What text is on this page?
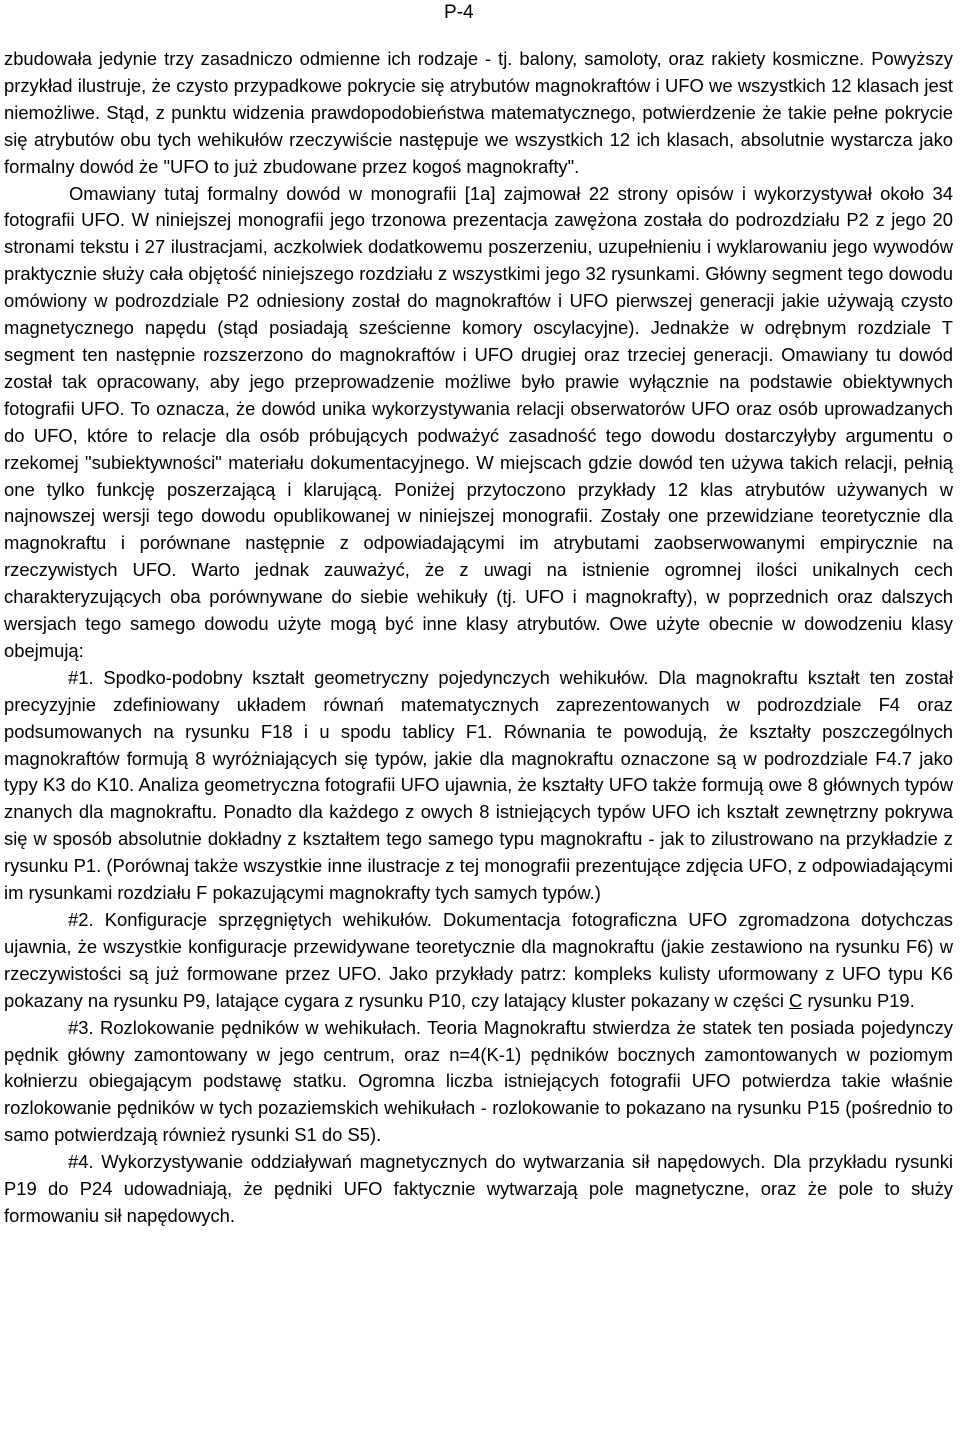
P-4

zbudowała jedynie trzy zasadniczo odmienne ich rodzaje - tj. balony, samoloty, oraz rakiety kosmiczne. Powyższy przykład ilustruje, że czysto przypadkowe pokrycie się atrybutów magnokraftów i UFO we wszystkich 12 klasach jest niemożliwe. Stąd, z punktu widzenia prawdopodobieństwa matematycznego, potwierdzenie że takie pełne pokrycie się atrybutów obu tych wehikułów rzeczywiście następuje we wszystkich 12 ich klasach, absolutnie wystarcza jako formalny dowód że "UFO to już zbudowane przez kogoś magnokrafty".

Omawiany tutaj formalny dowód w monografii [1a] zajmował 22 strony opisów i wykorzystywał około 34 fotografii UFO. W niniejszej monografii jego trzonowa prezentacja zawężona została do podrozdziału P2 z jego 20 stronami tekstu i 27 ilustracjami, aczkolwiek dodatkowemu poszerzeniu, uzupełnieniu i wyklarowaniu jego wywodów praktycznie służy cała objętość niniejszego rozdziału z wszystkimi jego 32 rysunkami. Główny segment tego dowodu omówiony w podrozdziale P2 odniesiony został do magnokraftów i UFO pierwszej generacji jakie używają czysto magnetycznego napędu (stąd posiadają sześcienne komory oscylacyjne). Jednakże w odrębnym rozdziale T segment ten następnie rozszerzono do magnokraftów i UFO drugiej oraz trzeciej generacji. Omawiany tu dowód został tak opracowany, aby jego przeprowadzenie możliwe było prawie wyłącznie na podstawie obiektywnych fotografii UFO. To oznacza, że dowód unika wykorzystywania relacji obserwatorów UFO oraz osób uprowadzanych do UFO, które to relacje dla osób próbujących podważyć zasadność tego dowodu dostarczyłyby argumentu o rzekomej "subiektywności" materiału dokumentacyjnego. W miejscach gdzie dowód ten używa takich relacji, pełnią one tylko funkcję poszerzającą i klarującą. Poniżej przytoczono przykłady 12 klas atrybutów używanych w najnowszej wersji tego dowodu opublikowanej w niniejszej monografii. Zostały one przewidziane teoretycznie dla magnokraftu i porównane następnie z odpowiadającymi im atrybutami zaobserwowanymi empirycznie na rzeczywistych UFO. Warto jednak zauważyć, że z uwagi na istnienie ogromnej ilości unikalnych cech charakteryzujących oba porównywane do siebie wehikuły (tj. UFO i magnokrafty), w poprzednich oraz dalszych wersjach tego samego dowodu użyte mogą być inne klasy atrybutów. Owe użyte obecnie w dowodzeniu klasy obejmują:

#1. Spodko-podobny kształt geometryczny pojedynczych wehikułów. Dla magnokraftu kształt ten został precyzyjnie zdefiniowany układem równań matematycznych zaprezentowanych w podrozdziale F4 oraz podsumowanych na rysunku F18 i u spodu tablicy F1. Równania te powodują, że kształty poszczególnych magnokraftów formują 8 wyróżniających się typów, jakie dla magnokraftu oznaczone są w podrozdziale F4.7 jako typy K3 do K10. Analiza geometryczna fotografii UFO ujawnia, że kształty UFO także formują owe 8 głównych typów znanych dla magnokraftu. Ponadto dla każdego z owych 8 istniejących typów UFO ich kształt zewnętrzny pokrywa się w sposób absolutnie dokładny z kształtem tego samego typu magnokraftu - jak to zilustrowano na przykładzie z rysunku P1. (Porównaj także wszystkie inne ilustracje z tej monografii prezentujące zdjęcia UFO, z odpowiadającymi im rysunkami rozdziału F pokazującymi magnokrafty tych samych typów.)

#2. Konfiguracje sprzęgniętych wehikułów. Dokumentacja fotograficzna UFO zgromadzona dotychczas ujawnia, że wszystkie konfiguracje przewidywane teoretycznie dla magnokraftu (jakie zestawiono na rysunku F6) w rzeczywistości są już formowane przez UFO. Jako przykłady patrz: kompleks kulisty uformowany z UFO typu K6 pokazany na rysunku P9, latające cygara z rysunku P10, czy latający kluster pokazany w części C rysunku P19.

#3. Rozlokowanie pędników w wehikułach. Teoria Magnokraftu stwierdza że statek ten posiada pojedynczy pędnik główny zamontowany w jego centrum, oraz n=4(K-1) pędników bocznych zamontowanych w poziomym kołnierzu obiegającym podstawę statku. Ogromna liczba istniejących fotografii UFO potwierdza takie właśnie rozlokowanie pędników w tych pozaziemskich wehikułach - rozlokowanie to pokazano na rysunku P15 (pośrednio to samo potwierdzają również rysunki S1 do S5).

#4. Wykorzystywanie oddziaływań magnetycznych do wytwarzania sił napędowych. Dla przykładu rysunki P19 do P24 udowadniają, że pędniki UFO faktycznie wytwarzają pole magnetyczne, oraz że pole to służy formowaniu sił napędowych.
